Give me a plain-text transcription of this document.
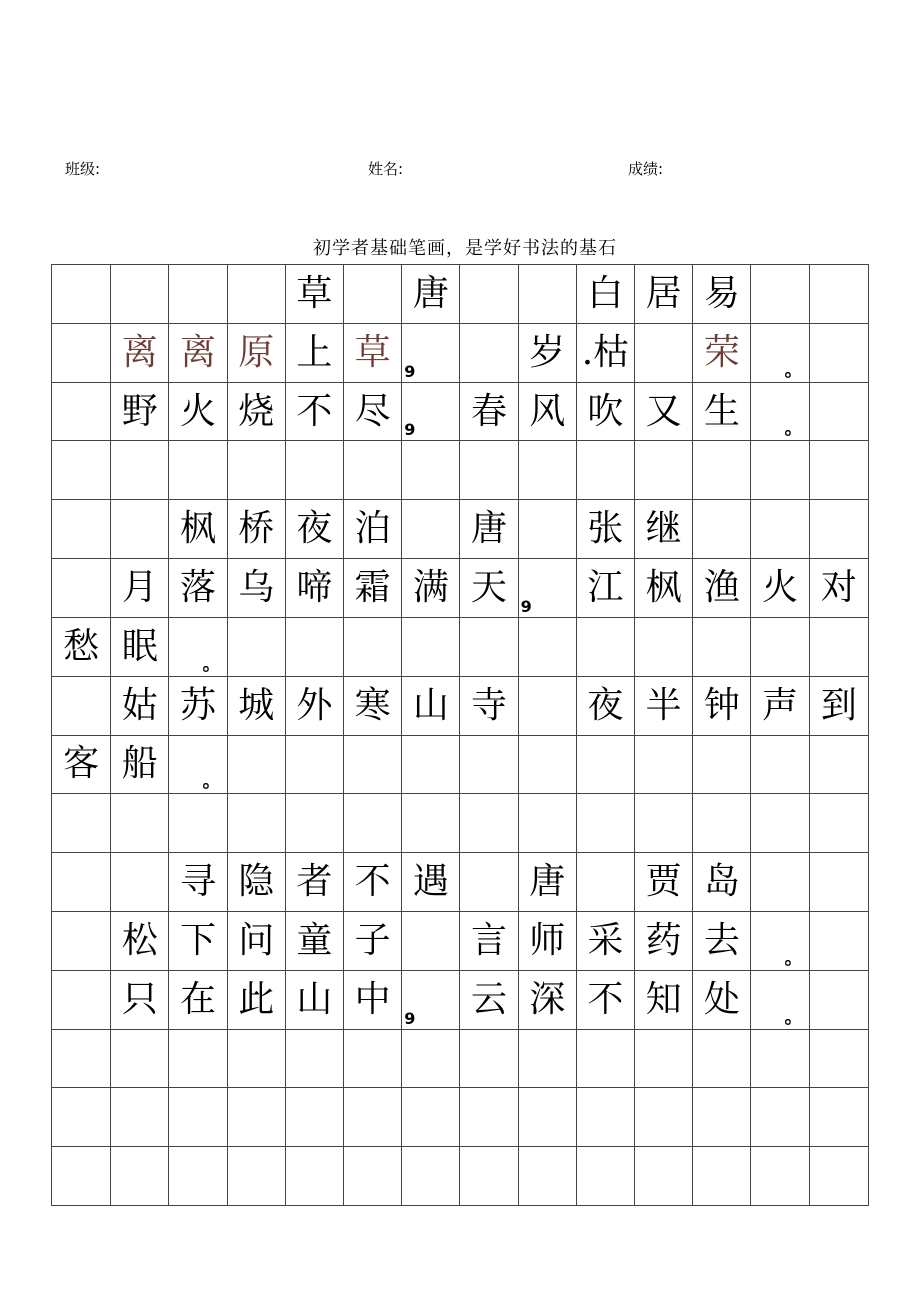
班级:	姓名:	成绩:
初学者基础笔画，是学好书法的基石
				草		唐			白	居	易		
	离	离	原	上	草	9		岁	.枯		荣	。	

	野	火	烧	不	尽	9	春	风	吹	又	生	。	

		枫	桥	夜	泊		唐		张	继			
	月	落	乌	啼	霜	满	天	9	江	枫	渔	火	对
愁	眠	。											

	姑	苏	城	外	寒	山	寺		夜	半	钟	声	到
客	船	。											

		寻	隐	者	不	遇		唐		贾	岛		
	松	下	问	童	子		言	师	采	药	去	。	

	只	在	此	山	中	9	云	深	不	知	处	。	
